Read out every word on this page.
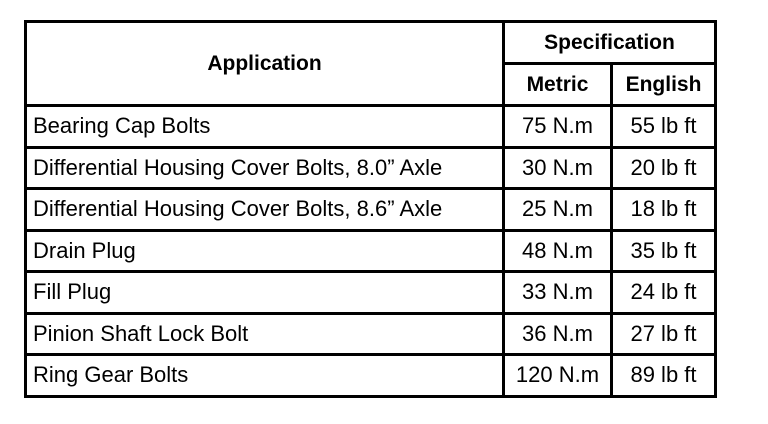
Application	Specification	
	Metric	English
Bearing Cap Bolts	75 N.m	55 lb ft
Differential Housing Cover Bolts, 8.0” Axle	30 N.m	20 lb ft
Differential Housing Cover Bolts, 8.6” Axle	25 N.m	18 lb ft
Drain Plug	48 N.m	35 lb ft
Fill Plug	33 N.m	24 lb ft
Pinion Shaft Lock Bolt	36 N.m	27 lb ft
Ring Gear Bolts	120 N.m	89 lb ft
